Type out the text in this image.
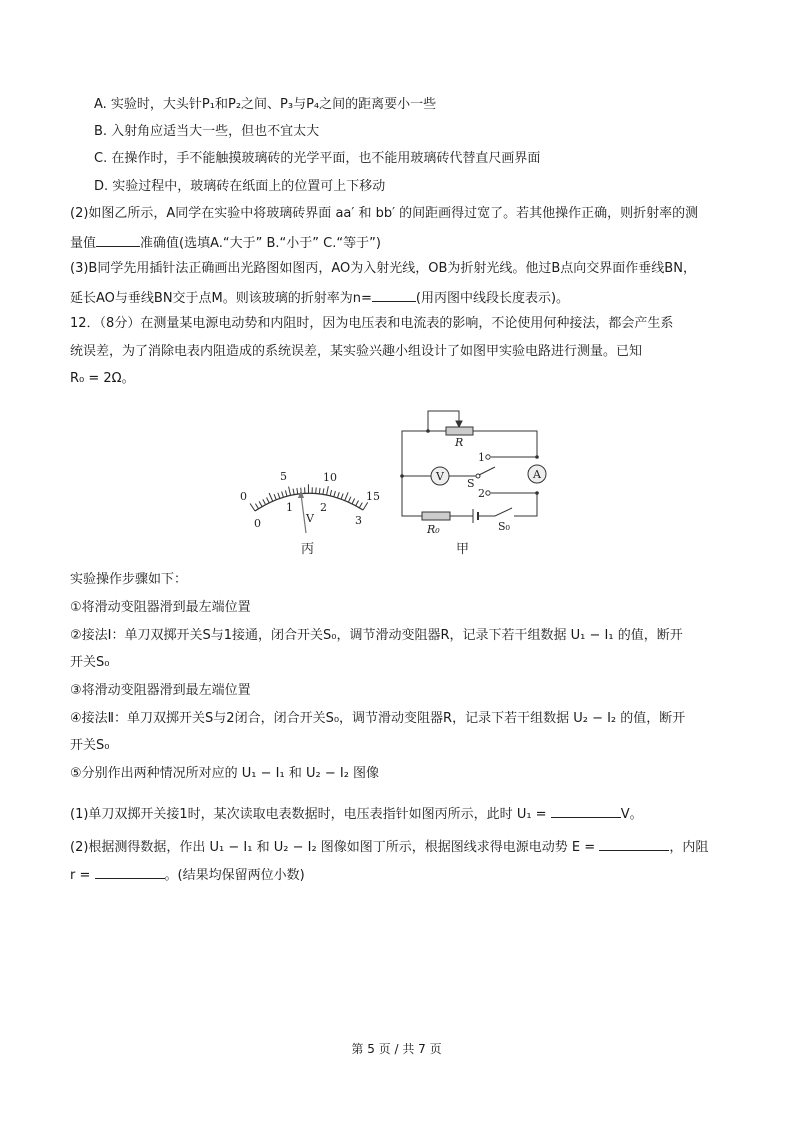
A. 实验时，大头针P₁和P₂之间、P₃与P₄之间的距离要小一些
B. 入射角应适当大一些，但也不宜太大
C. 在操作时，手不能触摸玻璃砖的光学平面，也不能用玻璃砖代替直尺画界面
D. 实验过程中，玻璃砖在纸面上的位置可上下移动
(2)如图乙所示，A同学在实验中将玻璃砖界面 aa′ 和 bb′ 的间距画得过宽了。若其他操作正确，则折射率的测
量值	准确值(选填A.“大于” B.“小于” C.“等于”)
(3)B同学先用插针法正确画出光路图如图丙，AO为入射光线，OB为折射光线。他过B点向交界面作垂线BN，
延长AO与垂线BN交于点M。则该玻璃的折射率为n=	(用丙图中线段长度表示)。
12．（8分）在测量某电源电动势和内阻时，因为电压表和电流表的影响，不论使用何种接法，都会产生系
统误差，为了消除电表内阻造成的系统误差，某实验兴趣小组设计了如图甲实验电路进行测量。已知
R₀ = 2Ω。
0
5	10
15
0
1 2
3
V
丙
V	A
R
1
2
S
R₀	S₀
甲
实验操作步骤如下：
①将滑动变阻器滑到最左端位置
②接法Ⅰ：单刀双掷开关S与1接通，闭合开关S₀，调节滑动变阻器R，记录下若干组数据 U₁ − I₁ 的值，断开
开关S₀
③将滑动变阻器滑到最左端位置
④接法Ⅱ：单刀双掷开关S与2闭合，闭合开关S₀，调节滑动变阻器R，记录下若干组数据 U₂ − I₂ 的值，断开
开关S₀
⑤分别作出两种情况所对应的 U₁ − I₁ 和 U₂ − I₂ 图像
(1)单刀双掷开关接1时，某次读取电表数据时，电压表指针如图丙所示，此时 U₁ =	V。
(2)根据测得数据，作出 U₁ − I₁ 和 U₂ − I₂ 图像如图丁所示，根据图线求得电源电动势 E =	，内阻
r =	。(结果均保留两位小数)
第 5 页 / 共 7 页
